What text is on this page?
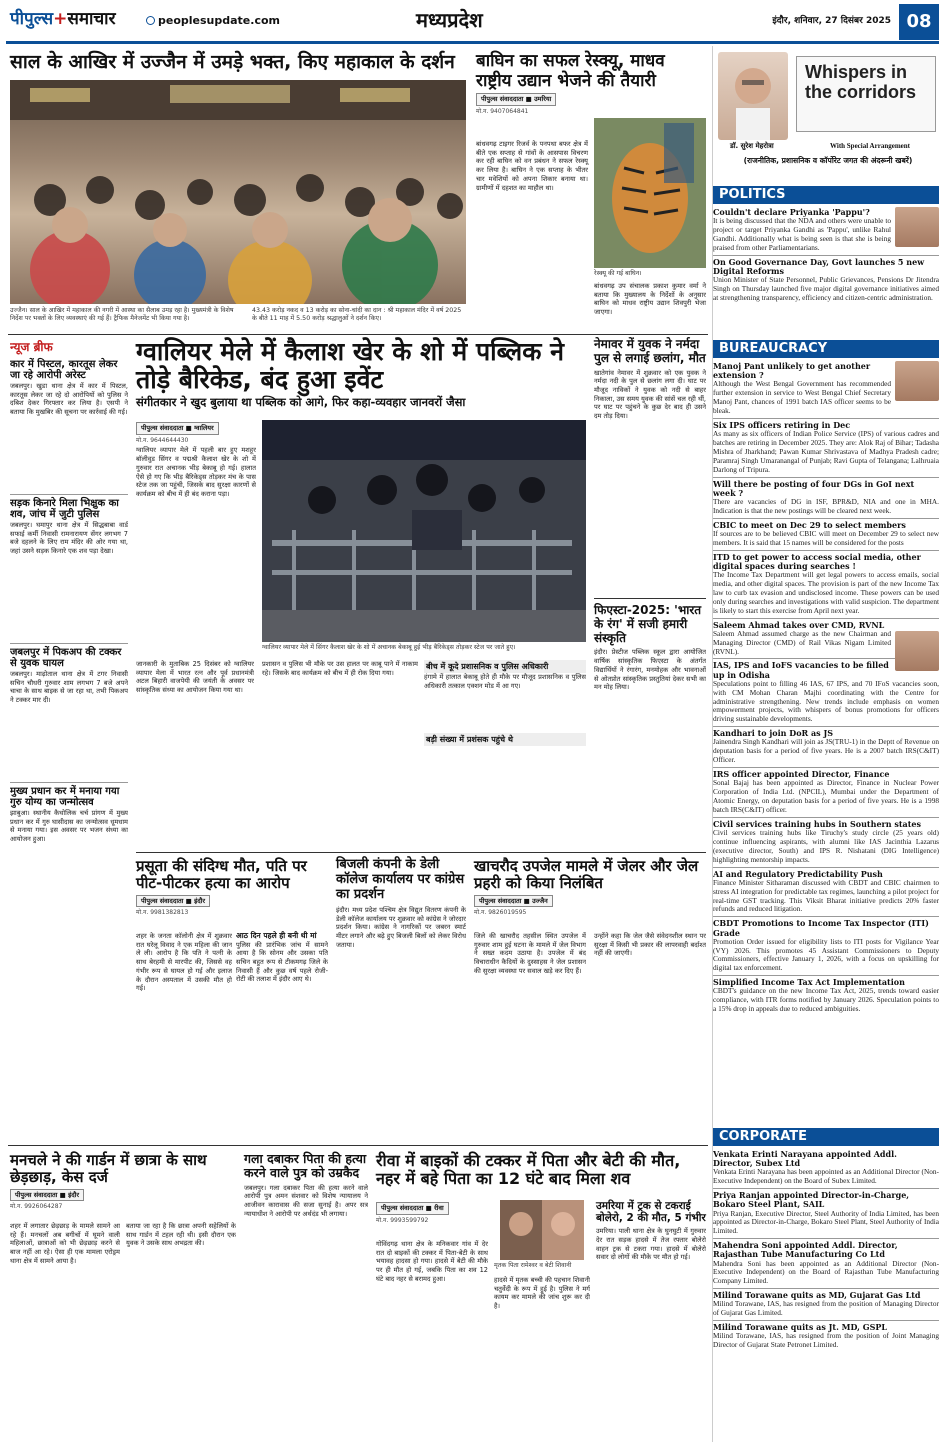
पीपुल्स+समाचार	peoplesupdate.com	मध्यप्रदेश	इंदौर, शनिवार, 27 दिसंबर 2025 08
साल के आखिर में उज्जैन में उमड़े भक्त, किए महाकाल के दर्शन
उज्जैन। साल के आखिर में महाकाल की नगरी में आस्था का सैलाब उमड़ रहा है। मुख्यमंत्री के विशेष निर्देश पर भक्तों के लिए व्यवस्थाएं की गई हैं। ट्रैफिक मैनेजमेंट भी किया गया है।
43.43 करोड़ नकद व 13 करोड़ का सोना-चांदी का दान : श्री महाकाल मंदिर में वर्ष 2025 के बीते 11 माह में 5.50 करोड़ श्रद्धालुओं ने दर्शन किए।
बाघिन का सफल रेस्क्यू, माधव राष्ट्रीय उद्यान भेजने की तैयारी
पीपुल्स संवाददाता ■ उमरिया
मो.न. 9407064841
बांधवगढ़ टाइगर रिजर्व के पनपथा बफर क्षेत्र में बीते एक सप्ताह से गांवों के आसपास विचरण कर रही बाघिन को वन प्रबंधन ने सफल रेस्क्यू कर लिया है। बाघिन ने एक सप्ताह के भीतर चार मवेशियों को अपना शिकार बनाया था। ग्रामीणों में दहशत का माहौल था।
रेस्क्यू की गई बाघिन।
बांधवगढ़ उप संचालक प्रकाश कुमार वर्मा ने बताया कि मुख्यालय के निर्देशों के अनुसार बाघिन को माधव राष्ट्रीय उद्यान शिवपुरी भेजा जाएगा।
न्यूज ब्रीफ
कार में पिस्टल, कारतूस लेकर जा रहे आरोपी अरेस्ट
जबलपुर। खुडा थाना क्षेत्र में कार में पिस्टल, कारतूस लेकर जा रहे दो आरोपियों को पुलिस ने दबिश देकर गिरफ्तार कर लिया है। एसपी ने बताया कि मुखबिर की सूचना पर कार्रवाई की गई।
सड़क किनारे मिला भिक्षुक का शव, जांच में जुटी पुलिस
जबलपुर। घमापुर थाना क्षेत्र में सिद्धबाबा वार्ड सफाई कर्मी निवासी रामनारायण सेंगर लगभग 7 बजे दहलने के लिए राम मंदिर की ओर गया था, जहां उसने सड़क किनारे एक शव पड़ा देखा।
जबलपुर में पिकअप की टक्कर से युवक घायल
जबलपुर। माढ़ोताल थाना क्षेत्र में टगर निवासी सचिन चौधरी गुरुवार शाम लगभग 7 बजे अपने चाचा के साथ बाइक से जा रहा था, तभी पिकअप ने टक्कर मार दी।
मुख्य प्रधान कर में मनाया गया गुरु योग्य का जन्मोत्सव
झाबुआ। स्थानीय कैथोलिक चर्च प्रांगण में मुख्य प्रधान कर में गुरु घासीदास का जन्मोत्सव धूमधाम से मनाया गया। इस अवसर पर भजन संध्या का आयोजन हुआ।
ग्वालियर मेले में कैलाश खेर के शो में पब्लिक ने तोड़े बैरिकेड, बंद हुआ इवेंट
संगीतकार ने खुद बुलाया था पब्लिक को आगे, फिर कहा-व्यवहार जानवरों जैसा
पीपुल्स संवाददाता ■ ग्वालियर
मो.न. 9644644430
ग्वालियर व्यापार मेले में पहली बार हुए मशहूर बॉलीवुड सिंगर व पद्मश्री कैलाश खेर के शो में गुरुवार रात अचानक भीड़ बेकाबू हो गई। हालात ऐसे हो गए कि भीड़ बैरिकेड्स तोड़कर मंच के पास स्टेज तक जा पहुंची, जिसके बाद सुरक्षा कारणों से कार्यक्रम को बीच में ही बंद कराना पड़ा।
ग्वालियर व्यापार मेले में सिंगर कैलाश खेर के शो में अचानक बेकाबू हुई भीड़ बैरिकेड्स तोड़कर स्टेज पर जाते हुए।
जानकारी के मुताबिक 25 दिसंबर को ग्वालियर व्यापार मेला में भारत रत्न और पूर्व प्रधानमंत्री अटल बिहारी वाजपेयी की जयंती के अवसर पर सांस्कृतिक संध्या का आयोजन किया गया था।
प्रशासन व पुलिस भी मौके पर उस हालत पर काबू पाने में नाकाम रहे। जिसके बाद कार्यक्रम को बीच में ही रोक दिया गया।
बीच में कूदे प्रशासनिक व पुलिस अधिकारी
हंगामे में हालात बेकाबू होते ही मौके पर मौजूद प्रशासनिक व पुलिस अधिकारी तत्काल एक्शन मोड में आ गए।
बड़ी संख्या में प्रशंसक पहुंचे थे
नेमावर में युवक ने नर्मदा पुल से लगाई छलांग, मौत
खातेगांव नेमावर में शुक्रवार को एक युवक ने नर्मदा नदी के पुल से छलांग लगा दी। घाट पर मौजूद नाविकों ने युवक को नदी से बाहर निकाला, उस समय युवक की सांसें चल रही थीं, पर घाट पर पहुंचने के कुछ देर बाद ही उसने दम तोड़ दिया।
फिएस्टा-2025: 'भारत के रंग' में सजी हमारी संस्कृति
इंदौर। प्रेस्टीज पब्लिक स्कूल द्वारा आयोजित वार्षिक सांस्कृतिक फिएस्टा के अंतर्गत विद्यार्थियों ने रंगारंग, मनमोहक और भावनाओं से ओतप्रोत सांस्कृतिक प्रस्तुतियां देकर सभी का मन मोह लिया।
प्रसूता की संदिग्ध मौत, पति पर पीट-पीटकर हत्या का आरोप
पीपुल्स संवाददाता ■ इंदौर
मो.न. 9981382813
शहर के जनता कॉलोनी क्षेत्र में शुक्रवार रात घरेलू विवाद ने एक महिला की जान ले ली। आरोप है कि पति ने पत्नी के साथ बेरहमी से मारपीट की, जिससे वह गंभीर रूप से घायल हो गई और इलाज के दौरान अस्पताल में उसकी मौत हो गई।
आठ दिन पहले ही बनी थी मां
पुलिस की प्रारंभिक जांच में सामने आया है कि सोनम और उसका पति सचिन बहुत रूप से टीकमगढ़ जिले के निवासी हैं और कुछ वर्ष पहले रोजी-रोटी की तलाश में इंदौर आए थे।
बिजली कंपनी के डेली कॉलेज कार्यालय पर कांग्रेस का प्रदर्शन
इंदौर। मध्य प्रदेश पश्चिम क्षेत्र विद्युत वितरण कंपनी के डेली कॉलेज कार्यालय पर शुक्रवार को कांग्रेस ने जोरदार प्रदर्शन किया। कांग्रेस ने नागरिकों पर जबरन स्मार्ट मीटर लगाने और बढ़े हुए बिजली बिलों को लेकर विरोध जताया।
खाचरौद उपजेल मामले में जेलर और जेल प्रहरी को किया निलंबित
पीपुल्स संवाददाता ■ उज्जैन
मो.न. 9826019595
जिले की खाचरौद तहसील स्थित उपजेल में गुरुवार शाम हुई घटना के मामले में जेल विभाग ने सख्त कदम उठाया है। उपजेल में बंद विचाराधीन कैदियों के दुस्साहस ने जेल प्रशासन की सुरक्षा व्यवस्था पर सवाल खड़े कर दिए हैं।
उन्होंने कहा कि जेल जैसे संवेदनशील स्थान पर सुरक्षा में किसी भी प्रकार की लापरवाही बर्दाश्त नहीं की जाएगी।
मनचले ने की गार्डन में छात्रा के साथ छेड़छाड़, केस दर्ज
पीपुल्स संवाददाता ■ इंदौर
मो.न. 9926064287
शहर में लगातार छेड़छाड़ के मामले सामने आ रहे हैं। मनचलों अब बगीचों में घूमने वाली महिलाओं, छात्राओं को भी छेड़छाड़ करने से बाज नहीं आ रहे। ऐसा ही एक मामला एरोड्रम थाना क्षेत्र में सामने आया है।
बताया जा रहा है कि छात्रा अपनी सहेलियों के साथ गार्डन में टहल रही थी। इसी दौरान एक युवक ने उसके साथ अभद्रता की।
गला दबाकर पिता की हत्या करने वाले पुत्र को उम्रकैद
जबलपुर। गला दबाकर पिता की हत्या करने वाले आरोपी पुत्र अमन संशवार को विशेष न्यायालय ने आजीवन कारावास की सजा सुनाई है। अपर सत्र न्यायाधीश ने आरोपी पर अर्थदंड भी लगाया।
रीवा में बाइकों की टक्कर में पिता और बेटी की मौत, नहर में बहे पिता का 12 घंटे बाद मिला शव
पीपुल्स संवाददाता ■ रीवा
मो.न. 9993599792
मृतक पिता रामेश्वर व बेटी शिवानी
गोविंदगढ़ थाना क्षेत्र के मनिकवार गांव में देर रात दो बाइकों की टक्कर में पिता-बेटी के साथ भयावह हादसा हो गया। हादसे में बेटी की मौके पर ही मौत हो गई, जबकि पिता का शव 12 घंटे बाद नहर से बरामद हुआ।	हादसे में मृतक बच्ची की पहचान शिवानी चतुर्वेदी के रूप में हुई है। पुलिस ने मर्ग कायम कर मामले की जांच शुरू कर दी है।
उमरिया में ट्रक से टकराई बोलेरो, 2 की मौत, 5 गंभीर
उमरिया। पाली थाना क्षेत्र के घुनघुटी में गुरुवार देर रात सड़क हादसे में तेज रफ्तार बोलेरो वाहन ट्रक से टकरा गया। हादसे में बोलेरो सवार दो लोगों की मौके पर मौत हो गई।
Whispers in the corridors
डॉ. सुरेश मेहरोत्रा	With Special Arrangement
(राजनीतिक, प्रशासनिक व कॉर्पोरेट जगत की अंदरूनी खबरें)
POLITICS
Couldn't declare Priyanka 'Pappu'?
It is being discussed that the NDA and others were unable to project or target Priyanka Gandhi as 'Pappu', unlike Rahul Gandhi. Additionally what is being seen is that she is being praised from other Parliamentarians.
On Good Governance Day, Govt launches 5 new Digital Reforms
Union Minister of State Personnel, Public Grievances, Pensions Dr Jitendra Singh on Thursday launched five major digital governance initiatives aimed at strengthening transparency, efficiency and citizen-centric administration.
BUREAUCRACY
Manoj Pant unlikely to get another extension ?
Although the West Bengal Government has recommended further extension in service to West Bengal Chief Secretary Manoj Pant, chances of 1991 batch IAS officer seems to be bleak.
Six IPS officers retiring in Dec
As many as six officers of Indian Police Service (IPS) of various cadres and batches are retiring in December 2025. They are: Alok Raj of Bihar; Tadasha Mishra of Jharkhand; Pawan Kumar Shrivastava of Madhya Pradesh cadre; Paramraj Singh Umaranangal of Punjab; Ravi Gupta of Telangana; Lalhruaia Darlong of Tripura.
Will there be posting of four DGs in GoI next week ?
There are vacancies of DG in ISF, BPR&D, NIA and one in MHA. Indication is that the new postings will be cleared next week.
CBIC to meet on Dec 29 to select members
If sources are to be believed CBIC will meet on December 29 to select new members. It is said that 15 names will be considered for the posts
ITD to get power to access social media, other digital spaces during searches !
The Income Tax Department will get legal powers to access emails, social media, and other digital spaces. The provision is part of the new Income Tax law to curb tax evasion and undisclosed income. These powers can be used only during searches and investigations with valid suspicion. The department is likely to start this exercise from April next year.
Saleem Ahmad takes over CMD, RVNL
Saleem Ahmad assumed charge as the new Chairman and Managing Director (CMD) of Rail Vikas Nigam Limited (RVNL).
IAS, IPS and IoFS vacancies to be filled up in Odisha
Speculations point to filling 46 IAS, 67 IPS, and 70 IFoS vacancies soon, with CM Mohan Charan Majhi coordinating with the Centre for administrative strengthening. New trends include emphasis on women empowerment projects, with whispers of bonus promotions for officers driving sustainable developments.
Kandhari to join DoR as JS
Jainendra Singh Kandhari will join as JS(TRU-1) in the Deptt of Revenue on deputation basis for a period of five years. He is a 2007 batch IRS(C&IT) Officer.
IRS officer appointed Director, Finance
Sonal Bajaj has been appointed as Director, Finance in Nuclear Power Corporation of India Ltd. (NPCIL), Mumbai under the Department of Atomic Energy, on deputation basis for a period of five years. He is a 1998 batch IRS(C&IT) officer.
Civil services training hubs in Southern states
Civil services training hubs like Tiruchy's study circle (25 years old) continue influencing aspirants, with alumni like IAS Jacinthia Lazarus (executive director, South) and IPS R. Nishatani (DIG Intelligence) highlighting mentorship impacts.
AI and Regulatory Predictability Push
Finance Minister Sitharaman discussed with CBDT and CBIC chairmen to stress AI integration for predictable tax regimes, launching a pilot project for real-time GST tracking. This Viksit Bharat initiative predicts 20% faster refunds and reduced litigation.
CBDT Promotions to Income Tax Inspector (ITI) Grade
Promotion Order issued for eligibility lists to ITI posts for Vigilance Year (VY) 2026. This promotes 45 Assistant Commissioners to Deputy Commissioners, effective January 1, 2026, with a focus on upskilling for digital tax enforcement.
Simplified Income Tax Act Implementation
CBDT's guidance on the new Income Tax Act, 2025, trends toward easier compliance, with ITR forms notified by January 2026. Speculation points to a 15% drop in appeals due to reduced ambiguities.
CORPORATE
Venkata Erinti Narayana appointed Addl. Director, Subex Ltd
Venkata Erinti Narayana has been appointed as an Additional Director (Non-Executive Independent) on the Board of Subex Limited.
Priya Ranjan appointed Director-in-Charge, Bokaro Steel Plant, SAIL
Priya Ranjan, Executive Director, Steel Authority of India Limited, has been appointed as Director-in-Charge, Bokaro Steel Plant, Steel Authority of India Limited.
Mahendra Soni appointed Addl. Director, Rajasthan Tube Manufacturing Co Ltd
Mahendra Soni has been appointed as an Additional Director (Non-Executive Independent) on the Board of Rajasthan Tube Manufacturing Company Limited.
Milind Torawane quits as MD, Gujarat Gas Ltd
Milind Torawane, IAS, has resigned from the position of Managing Director of Gujarat Gas Limited.
Milind Torawane quits as Jt. MD, GSPL
Milind Torawane, IAS, has resigned from the position of Joint Managing Director of Gujarat State Petronet Limited.
